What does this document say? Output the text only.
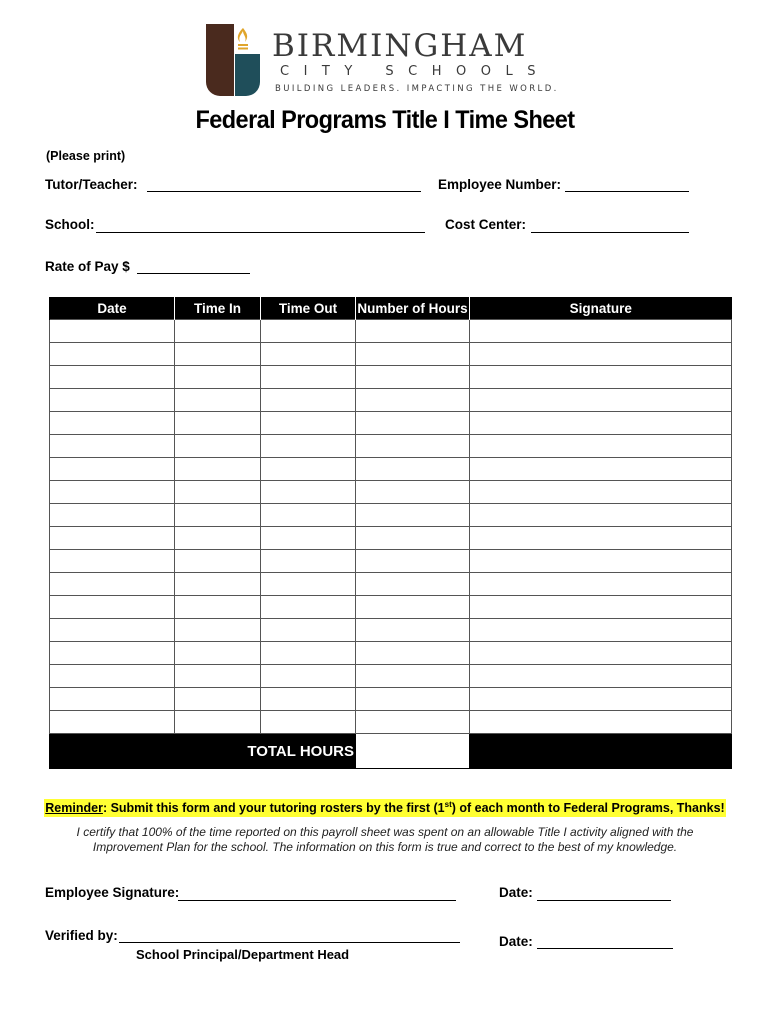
BIRMINGHAM
CITY SCHOOLS
BUILDING LEADERS. IMPACTING THE WORLD.
Federal Programs Title I Time Sheet
(Please print)
Tutor/Teacher:	Employee Number:
School:	Cost Center:
Rate of Pay $
Date	Time In	Time Out	Number of Hours	Signature

TOTAL HOURS				
Reminder: Submit this form and your tutoring rosters by the first (1st) of each month to Federal Programs, Thanks!
I certify that 100% of the time reported on this payroll sheet was spent on an allowable Title I activity aligned with the Improvement Plan for the school. The information on this form is true and correct to the best of my knowledge.
Employee Signature:	Date:
Verified by:
School Principal/Department Head
Date:
